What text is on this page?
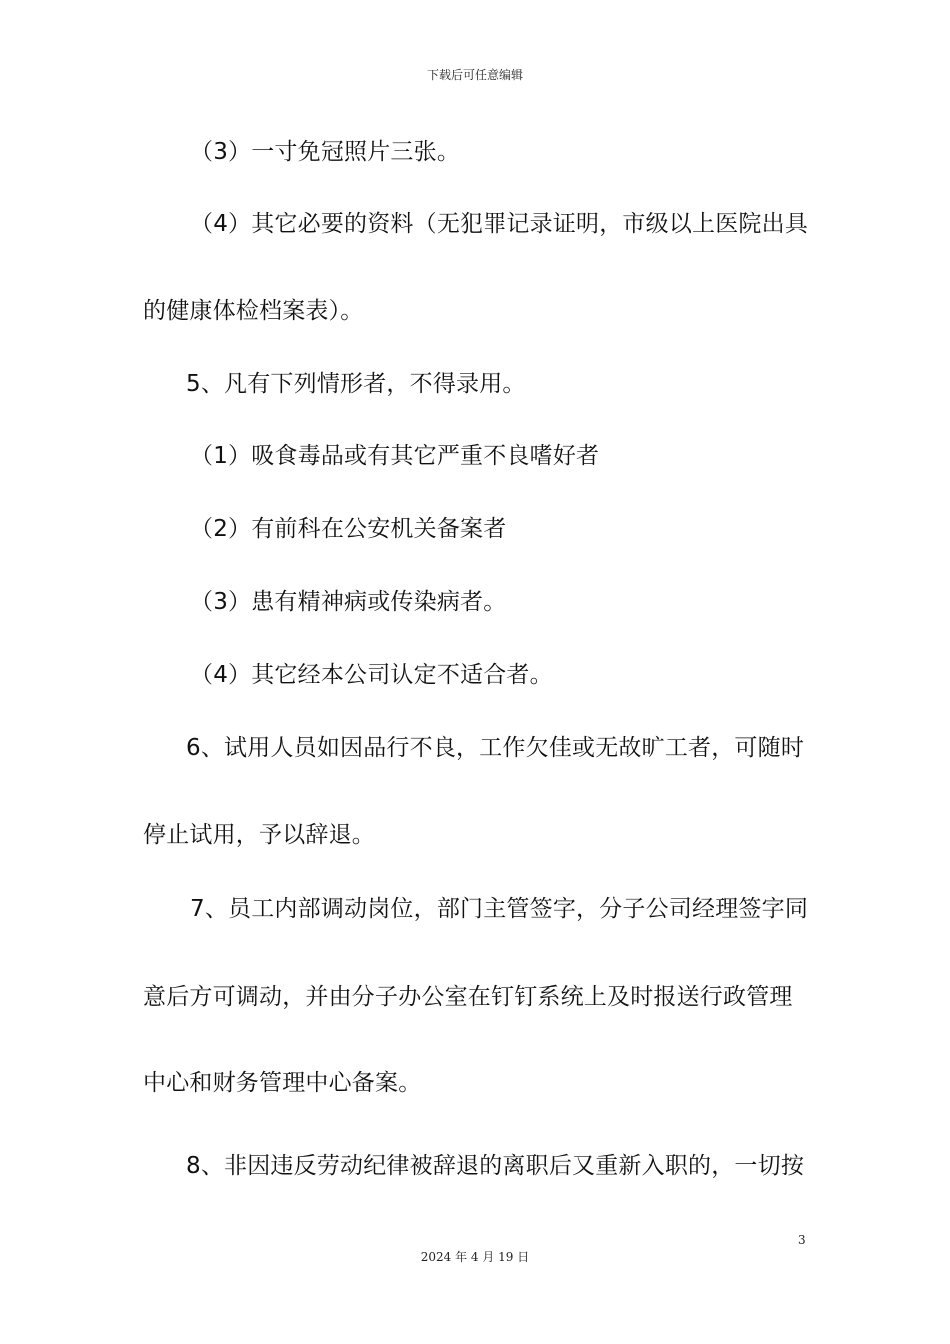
下载后可任意编辑
（3）一寸免冠照片三张。
（4）其它必要的资料（无犯罪记录证明，市级以上医院出具
的健康体检档案表）。
5、凡有下列情形者，不得录用。
（1）吸食毒品或有其它严重不良嗜好者
（2）有前科在公安机关备案者
（3）患有精神病或传染病者。
（4）其它经本公司认定不适合者。
6、试用人员如因品行不良，工作欠佳或无故旷工者，可随时
停止试用，予以辞退。
7、员工内部调动岗位，部门主管签字，分子公司经理签字同
意后方可调动，并由分子办公室在钉钉系统上及时报送行政管理
中心和财务管理中心备案。
8、非因违反劳动纪律被辞退的离职后又重新入职的，一切按
3
2024 年 4 月 19 日
